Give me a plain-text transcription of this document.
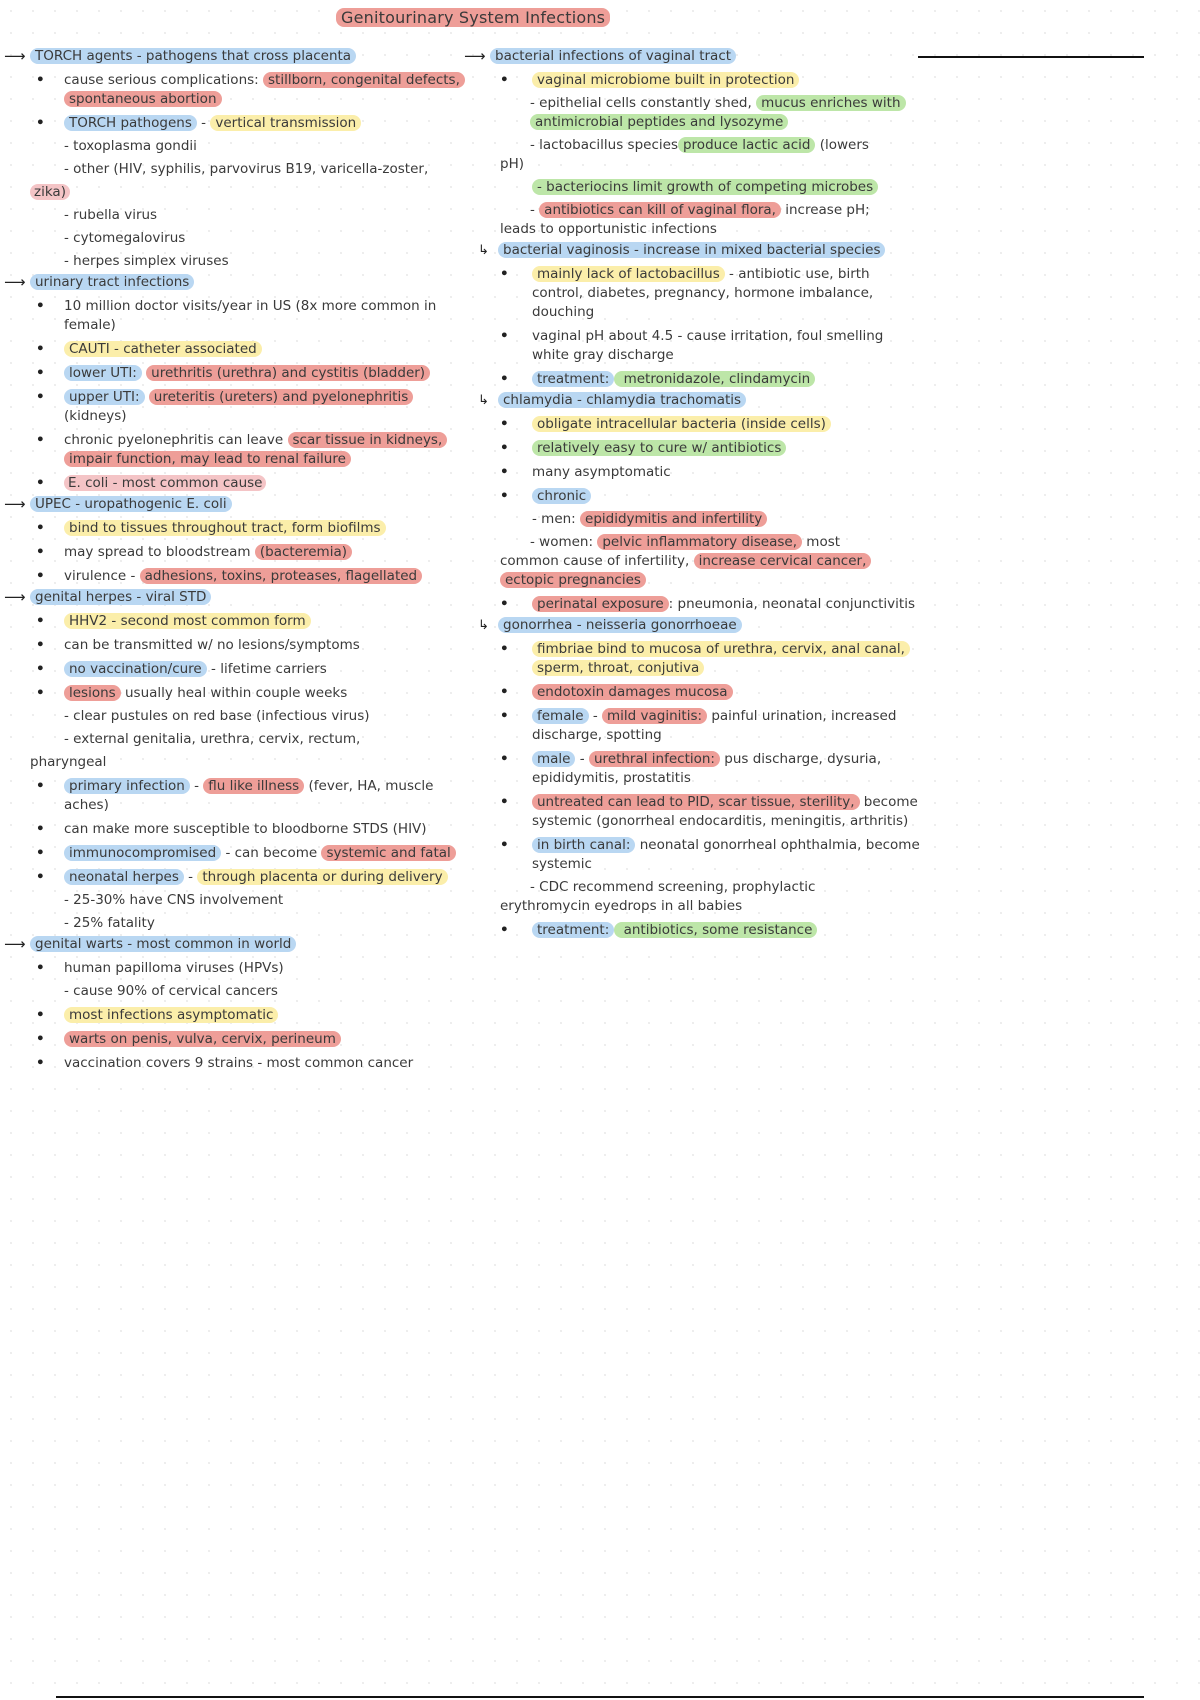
Genitourinary System Infections
⟶ TORCH agents - pathogens that cross placenta
• cause serious complications: stillborn, congenital defects, spontaneous abortion
• TORCH pathogens - vertical transmission
- toxoplasma gondii
- other (HIV, syphilis, parvovirus B19, varicella-zoster,
zika)
- rubella virus
- cytomegalovirus
- herpes simplex viruses
⟶ urinary tract infections
• 10 million doctor visits/year in US (8x more common in female)
• CAUTI - catheter associated
• lower UTI: urethritis (urethra) and cystitis (bladder)
• upper UTI: ureteritis (ureters) and pyelonephritis (kidneys)
• chronic pyelonephritis can leave scar tissue in kidneys, impair function, may lead to renal failure
• E. coli - most common cause
⟶ UPEC - uropathogenic E. coli
• bind to tissues throughout tract, form biofilms
• may spread to bloodstream (bacteremia)
• virulence - adhesions, toxins, proteases, flagellated
⟶ genital herpes - viral STD
• HHV2 - second most common form
• can be transmitted w/ no lesions/symptoms
• no vaccination/cure - lifetime carriers
• lesions usually heal within couple weeks
- clear pustules on red base (infectious virus)
- external genitalia, urethra, cervix, rectum,
pharyngeal
• primary infection - flu like illness (fever, HA, muscle aches)
• can make more susceptible to bloodborne STDS (HIV)
• immunocompromised - can become systemic and fatal
• neonatal herpes - through placenta or during delivery
- 25-30% have CNS involvement
- 25% fatality
⟶ genital warts - most common in world
• human papilloma viruses (HPVs)
- cause 90% of cervical cancers
• most infections asymptomatic
• warts on penis, vulva, cervix, perineum
• vaccination covers 9 strains - most common cancer
⟶ bacterial infections of vaginal tract
• vaginal microbiome built in protection
- epithelial cells constantly shed, mucus enriches with antimicrobial peptides and lysozyme
- lactobacillus species produce lactic acid (lowers
pH)
- bacteriocins limit growth of competing microbes
- antibiotics can kill of vaginal flora, increase pH;
leads to opportunistic infections
↳ bacterial vaginosis - increase in mixed bacterial species
• mainly lack of lactobacillus - antibiotic use, birth control, diabetes, pregnancy, hormone imbalance, douching
• vaginal pH about 4.5 - cause irritation, foul smelling white gray discharge
• treatment: metronidazole, clindamycin
↳ chlamydia - chlamydia trachomatis
• obligate intracellular bacteria (inside cells)
• relatively easy to cure w/ antibiotics
• many asymptomatic
• chronic
- men: epididymitis and infertility
- women: pelvic inflammatory disease, most
common cause of infertility, increase cervical cancer,
ectopic pregnancies
• perinatal exposure : pneumonia, neonatal conjunctivitis
↳ gonorrhea - neisseria gonorrhoeae
• fimbriae bind to mucosa of urethra, cervix, anal canal, sperm, throat, conjutiva
• endotoxin damages mucosa
• female - mild vaginitis: painful urination, increased discharge, spotting
• male - urethral infection: pus discharge, dysuria, epididymitis, prostatitis
• untreated can lead to PID, scar tissue, sterility, become systemic (gonorrheal endocarditis, meningitis, arthritis)
• in birth canal: neonatal gonorrheal ophthalmia, become systemic
- CDC recommend screening, prophylactic
erythromycin eyedrops in all babies
• treatment: antibiotics, some resistance
